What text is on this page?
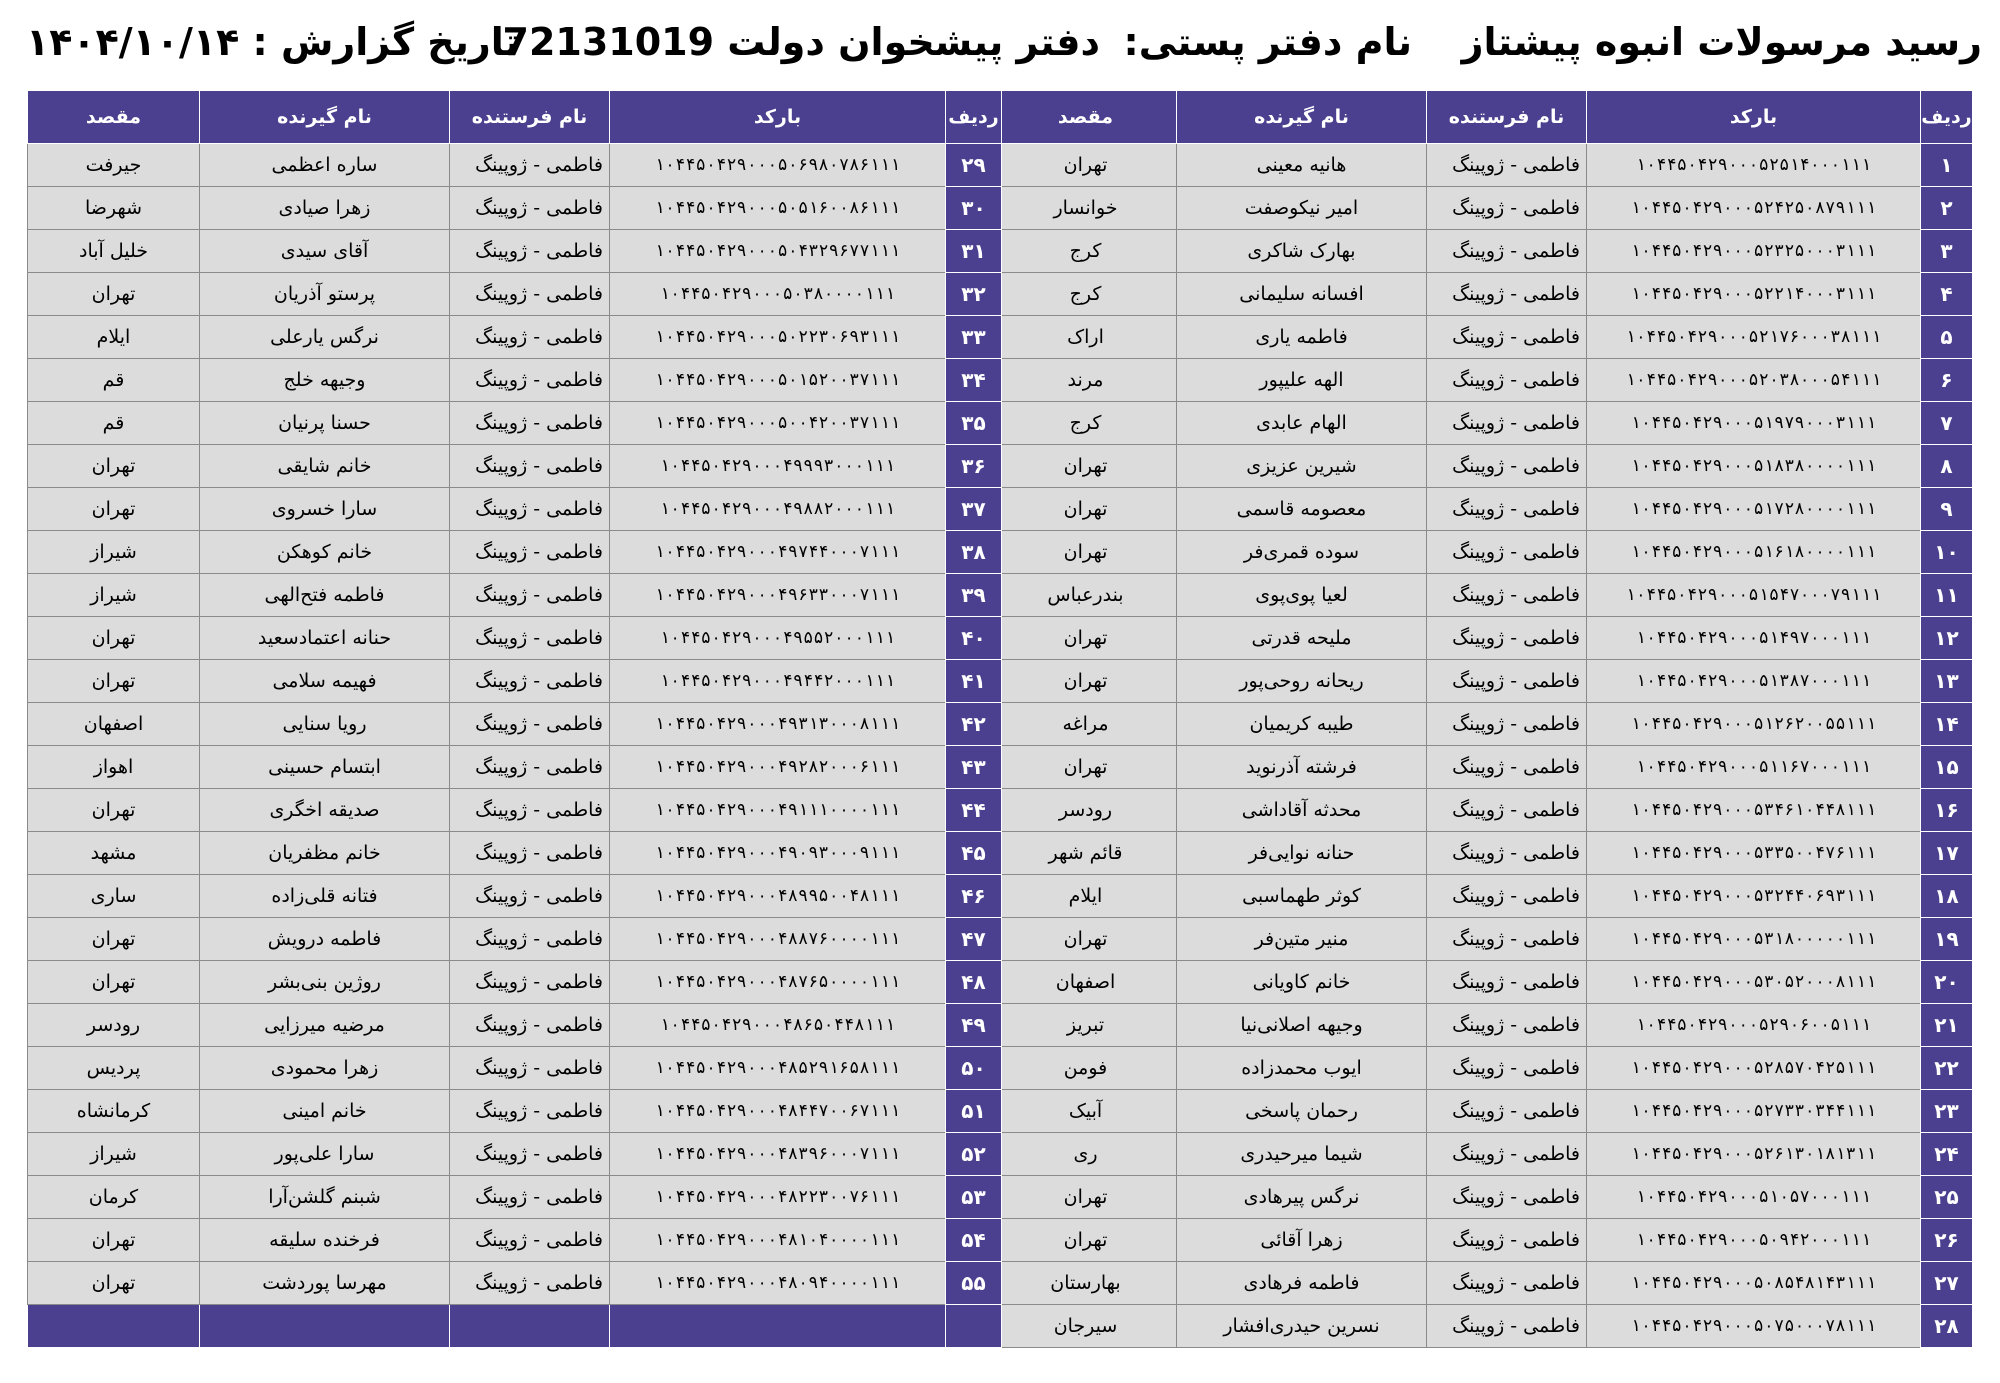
رسید مرسولات انبوه پیشتاز
نام دفتر پستی:
دفتر پیشخوان دولت 72131019
تاریخ گزارش : ۱۴۰۴/۱۰/۱۴
ردیف	بارکد	نام فرستنده	نام گیرنده	مقصد
۱	۱۰۴۴۵۰۴۲۹۰۰۰۵۲۵۱۴۰۰۰۱۱۱	فاطمی - ژوپینگ	هانیه معینی	تهران
۲	۱۰۴۴۵۰۴۲۹۰۰۰۵۲۴۲۵۰۸۷۹۱۱۱	فاطمی - ژوپینگ	امیر نیکوصفت	خوانسار
۳	۱۰۴۴۵۰۴۲۹۰۰۰۵۲۳۲۵۰۰۰۳۱۱۱	فاطمی - ژوپینگ	بهارک شاکری	کرج
۴	۱۰۴۴۵۰۴۲۹۰۰۰۵۲۲۱۴۰۰۰۳۱۱۱	فاطمی - ژوپینگ	افسانه سلیمانی	کرج
۵	۱۰۴۴۵۰۴۲۹۰۰۰۵۲۱۷۶۰۰۰۳۸۱۱۱	فاطمی - ژوپینگ	فاطمه یاری	اراک
۶	۱۰۴۴۵۰۴۲۹۰۰۰۵۲۰۳۸۰۰۰۵۴۱۱۱	فاطمی - ژوپینگ	الهه علیپور	مرند
۷	۱۰۴۴۵۰۴۲۹۰۰۰۵۱۹۷۹۰۰۰۳۱۱۱	فاطمی - ژوپینگ	الهام عابدی	کرج
۸	۱۰۴۴۵۰۴۲۹۰۰۰۵۱۸۳۸۰۰۰۰۱۱۱	فاطمی - ژوپینگ	شیرین عزیزی	تهران
۹	۱۰۴۴۵۰۴۲۹۰۰۰۵۱۷۲۸۰۰۰۰۱۱۱	فاطمی - ژوپینگ	معصومه قاسمی	تهران
۱۰	۱۰۴۴۵۰۴۲۹۰۰۰۵۱۶۱۸۰۰۰۰۱۱۱	فاطمی - ژوپینگ	سوده قمری‌فر	تهران
۱۱	۱۰۴۴۵۰۴۲۹۰۰۰۵۱۵۴۷۰۰۰۷۹۱۱۱	فاطمی - ژوپینگ	لعیا پوی‌پوی	بندرعباس
۱۲	۱۰۴۴۵۰۴۲۹۰۰۰۵۱۴۹۷۰۰۰۱۱۱	فاطمی - ژوپینگ	ملیحه قدرتی	تهران
۱۳	۱۰۴۴۵۰۴۲۹۰۰۰۵۱۳۸۷۰۰۰۱۱۱	فاطمی - ژوپینگ	ریحانه روحی‌پور	تهران
۱۴	۱۰۴۴۵۰۴۲۹۰۰۰۵۱۲۶۲۰۰۵۵۱۱۱	فاطمی - ژوپینگ	طیبه کریمیان	مراغه
۱۵	۱۰۴۴۵۰۴۲۹۰۰۰۵۱۱۶۷۰۰۰۱۱۱	فاطمی - ژوپینگ	فرشته آذرنوید	تهران
۱۶	۱۰۴۴۵۰۴۲۹۰۰۰۵۳۴۶۱۰۴۴۸۱۱۱	فاطمی - ژوپینگ	محدثه آقاداشی	رودسر
۱۷	۱۰۴۴۵۰۴۲۹۰۰۰۵۳۳۵۰۰۴۷۶۱۱۱	فاطمی - ژوپینگ	حنانه نوایی‌فر	قائم شهر
۱۸	۱۰۴۴۵۰۴۲۹۰۰۰۵۳۲۴۴۰۶۹۳۱۱۱	فاطمی - ژوپینگ	کوثر طهماسبی	ایلام
۱۹	۱۰۴۴۵۰۴۲۹۰۰۰۵۳۱۸۰۰۰۰۰۱۱۱	فاطمی - ژوپینگ	منیر متین‌فر	تهران
۲۰	۱۰۴۴۵۰۴۲۹۰۰۰۵۳۰۵۲۰۰۰۸۱۱۱	فاطمی - ژوپینگ	خانم کاویانی	اصفهان
۲۱	۱۰۴۴۵۰۴۲۹۰۰۰۵۲۹۰۶۰۰۵۱۱۱	فاطمی - ژوپینگ	وجیهه اصلانی‌نیا	تبریز
۲۲	۱۰۴۴۵۰۴۲۹۰۰۰۵۲۸۵۷۰۴۲۵۱۱۱	فاطمی - ژوپینگ	ایوب محمدزاده	فومن
۲۳	۱۰۴۴۵۰۴۲۹۰۰۰۵۲۷۳۳۰۳۴۴۱۱۱	فاطمی - ژوپینگ	رحمان پاسخی	آبیک
۲۴	۱۰۴۴۵۰۴۲۹۰۰۰۵۲۶۱۳۰۱۸۱۳۱۱	فاطمی - ژوپینگ	شیما میرحیدری	ری
۲۵	۱۰۴۴۵۰۴۲۹۰۰۰۵۱۰۵۷۰۰۰۱۱۱	فاطمی - ژوپینگ	نرگس پیرهادی	تهران
۲۶	۱۰۴۴۵۰۴۲۹۰۰۰۵۰۹۴۲۰۰۰۱۱۱	فاطمی - ژوپینگ	زهرا آقائی	تهران
۲۷	۱۰۴۴۵۰۴۲۹۰۰۰۵۰۸۵۴۸۱۴۳۱۱۱	فاطمی - ژوپینگ	فاطمه فرهادی	بهارستان
۲۸	۱۰۴۴۵۰۴۲۹۰۰۰۵۰۷۵۰۰۰۷۸۱۱۱	فاطمی - ژوپینگ	نسرین حیدری‌افشار	سیرجان
ردیف	بارکد	نام فرستنده	نام گیرنده	مقصد
۲۹	۱۰۴۴۵۰۴۲۹۰۰۰۵۰۶۹۸۰۷۸۶۱۱۱	فاطمی - ژوپینگ	ساره اعظمی	جیرفت
۳۰	۱۰۴۴۵۰۴۲۹۰۰۰۵۰۵۱۶۰۰۸۶۱۱۱	فاطمی - ژوپینگ	زهرا صیادی	شهرضا
۳۱	۱۰۴۴۵۰۴۲۹۰۰۰۵۰۴۳۲۹۶۷۷۱۱۱	فاطمی - ژوپینگ	آقای سیدی	خلیل آباد
۳۲	۱۰۴۴۵۰۴۲۹۰۰۰۵۰۳۸۰۰۰۰۱۱۱	فاطمی - ژوپینگ	پرستو آذریان	تهران
۳۳	۱۰۴۴۵۰۴۲۹۰۰۰۵۰۲۲۳۰۶۹۳۱۱۱	فاطمی - ژوپینگ	نرگس یارعلی	ایلام
۳۴	۱۰۴۴۵۰۴۲۹۰۰۰۵۰۱۵۲۰۰۳۷۱۱۱	فاطمی - ژوپینگ	وجیهه خلج	قم
۳۵	۱۰۴۴۵۰۴۲۹۰۰۰۵۰۰۴۲۰۰۳۷۱۱۱	فاطمی - ژوپینگ	حسنا پرنیان	قم
۳۶	۱۰۴۴۵۰۴۲۹۰۰۰۴۹۹۹۳۰۰۰۱۱۱	فاطمی - ژوپینگ	خانم شایقی	تهران
۳۷	۱۰۴۴۵۰۴۲۹۰۰۰۴۹۸۸۲۰۰۰۱۱۱	فاطمی - ژوپینگ	سارا خسروی	تهران
۳۸	۱۰۴۴۵۰۴۲۹۰۰۰۴۹۷۴۴۰۰۰۷۱۱۱	فاطمی - ژوپینگ	خانم کوهکن	شیراز
۳۹	۱۰۴۴۵۰۴۲۹۰۰۰۴۹۶۳۳۰۰۰۷۱۱۱	فاطمی - ژوپینگ	فاطمه فتح‌الهی	شیراز
۴۰	۱۰۴۴۵۰۴۲۹۰۰۰۴۹۵۵۲۰۰۰۱۱۱	فاطمی - ژوپینگ	حنانه اعتمادسعید	تهران
۴۱	۱۰۴۴۵۰۴۲۹۰۰۰۴۹۴۴۲۰۰۰۱۱۱	فاطمی - ژوپینگ	فهیمه سلامی	تهران
۴۲	۱۰۴۴۵۰۴۲۹۰۰۰۴۹۳۱۳۰۰۰۸۱۱۱	فاطمی - ژوپینگ	رویا سنایی	اصفهان
۴۳	۱۰۴۴۵۰۴۲۹۰۰۰۴۹۲۸۲۰۰۰۶۱۱۱	فاطمی - ژوپینگ	ابتسام حسینی	اهواز
۴۴	۱۰۴۴۵۰۴۲۹۰۰۰۴۹۱۱۱۰۰۰۰۱۱۱	فاطمی - ژوپینگ	صدیقه اخگری	تهران
۴۵	۱۰۴۴۵۰۴۲۹۰۰۰۴۹۰۹۳۰۰۰۹۱۱۱	فاطمی - ژوپینگ	خانم مظفریان	مشهد
۴۶	۱۰۴۴۵۰۴۲۹۰۰۰۴۸۹۹۵۰۰۴۸۱۱۱	فاطمی - ژوپینگ	فتانه قلی‌زاده	ساری
۴۷	۱۰۴۴۵۰۴۲۹۰۰۰۴۸۸۷۶۰۰۰۰۱۱۱	فاطمی - ژوپینگ	فاطمه درویش	تهران
۴۸	۱۰۴۴۵۰۴۲۹۰۰۰۴۸۷۶۵۰۰۰۰۱۱۱	فاطمی - ژوپینگ	روژین بنی‌بشر	تهران
۴۹	۱۰۴۴۵۰۴۲۹۰۰۰۴۸۶۵۰۴۴۸۱۱۱	فاطمی - ژوپینگ	مرضیه میرزایی	رودسر
۵۰	۱۰۴۴۵۰۴۲۹۰۰۰۴۸۵۲۹۱۶۵۸۱۱۱	فاطمی - ژوپینگ	زهرا محمودی	پردیس
۵۱	۱۰۴۴۵۰۴۲۹۰۰۰۴۸۴۴۷۰۰۶۷۱۱۱	فاطمی - ژوپینگ	خانم امینی	کرمانشاه
۵۲	۱۰۴۴۵۰۴۲۹۰۰۰۴۸۳۹۶۰۰۰۷۱۱۱	فاطمی - ژوپینگ	سارا علی‌پور	شیراز
۵۳	۱۰۴۴۵۰۴۲۹۰۰۰۴۸۲۲۳۰۰۷۶۱۱۱	فاطمی - ژوپینگ	شبنم گلشن‌آرا	کرمان
۵۴	۱۰۴۴۵۰۴۲۹۰۰۰۴۸۱۰۴۰۰۰۰۱۱۱	فاطمی - ژوپینگ	فرخنده سلیقه	تهران
۵۵	۱۰۴۴۵۰۴۲۹۰۰۰۴۸۰۹۴۰۰۰۰۱۱۱	فاطمی - ژوپینگ	مهرسا پوردشت	تهران
